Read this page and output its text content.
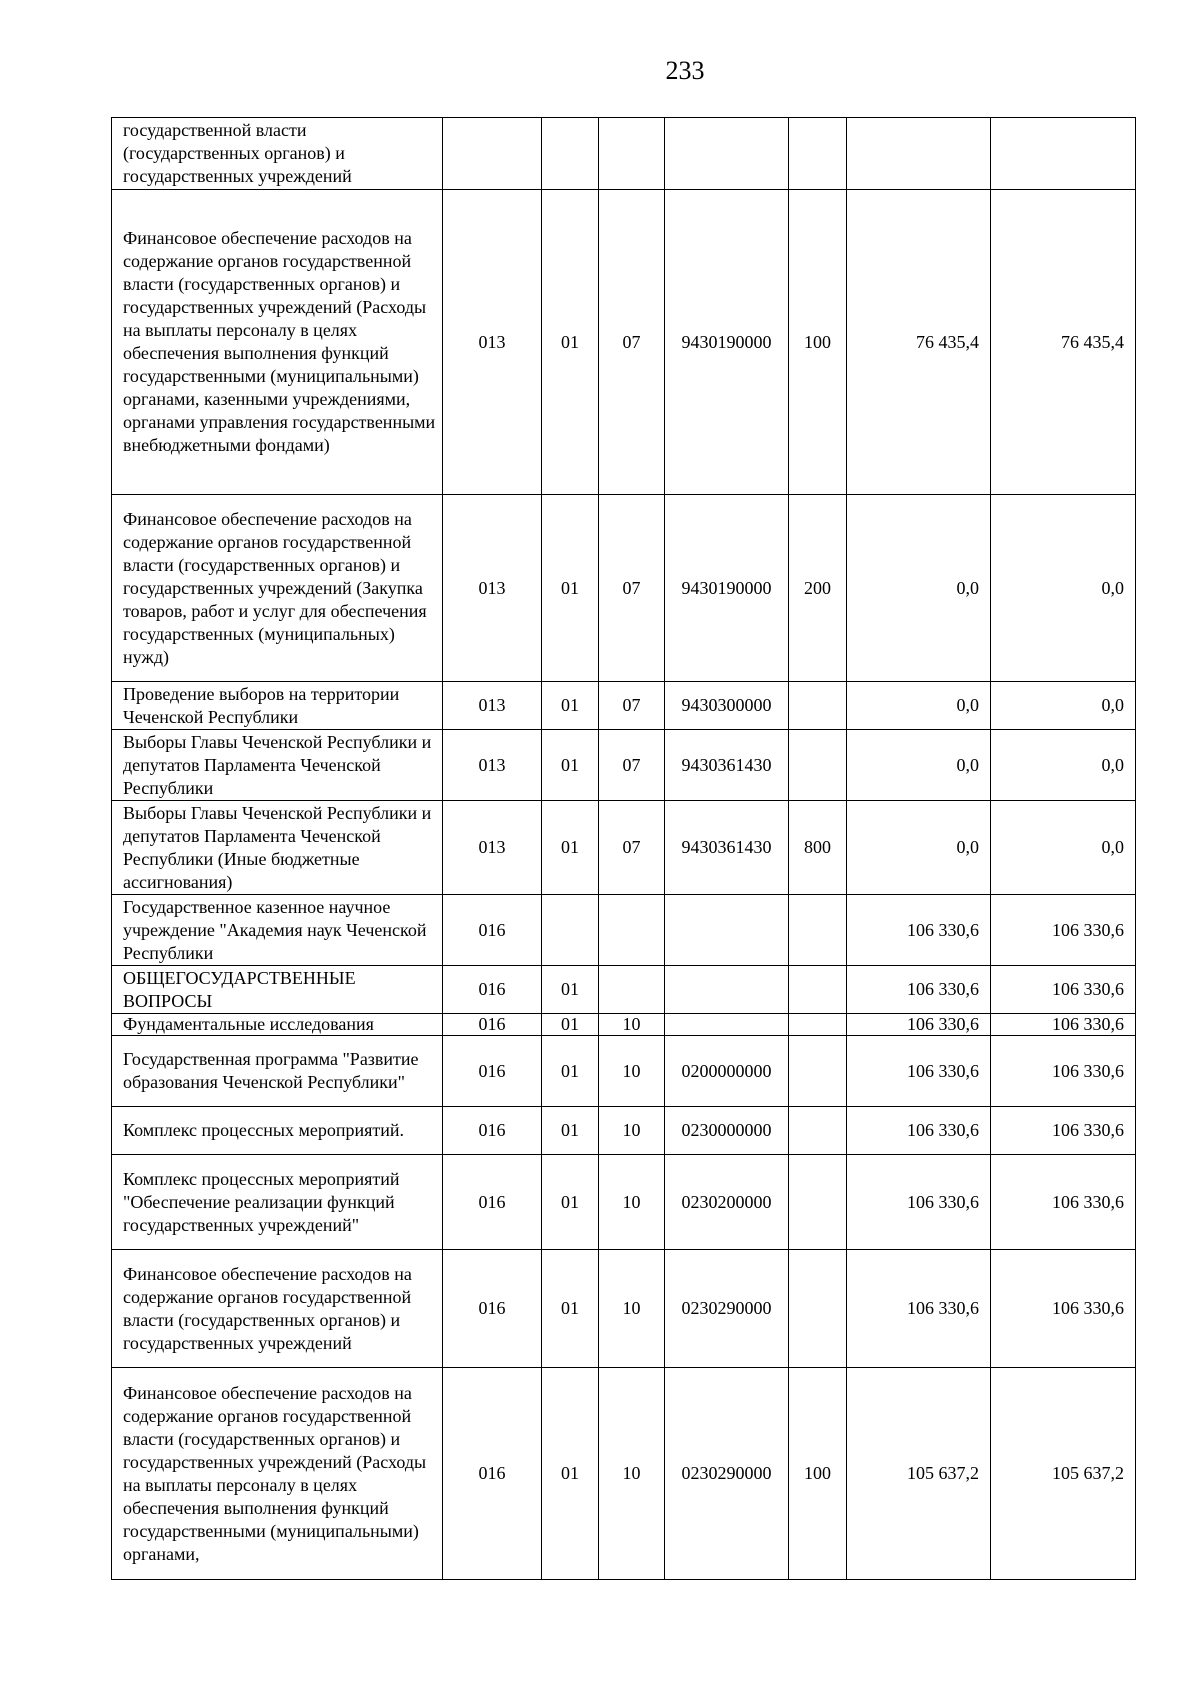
233
государственной власти (государственных органов) и государственных учреждений							
Финансовое обеспечение расходов на содержание органов государственной власти (государственных органов) и государственных учреждений (Расходы на выплаты персоналу в целях обеспечения выполнения функций государственными (муниципальными) органами, казенными учреждениями, органами управления государственными внебюджетными фондами)	013	01	07	9430190000	100	76 435,4	76 435,4
Финансовое обеспечение расходов на содержание органов государственной власти (государственных органов) и государственных учреждений (Закупка товаров, работ и услуг для обеспечения государственных (муниципальных) нужд)	013	01	07	9430190000	200	0,0	0,0
Проведение выборов на территории Чеченской Республики	013	01	07	9430300000		0,0	0,0
Выборы Главы Чеченской Республики и депутатов Парламента Чеченской Республики	013	01	07	9430361430		0,0	0,0
Выборы Главы Чеченской Республики и депутатов Парламента Чеченской Республики (Иные бюджетные ассигнования)	013	01	07	9430361430	800	0,0	0,0
Государственное казенное научное учреждение "Академия наук Чеченской Республики	016					106 330,6	106 330,6
ОБЩЕГОСУДАРСТВЕННЫЕ ВОПРОСЫ	016	01				106 330,6	106 330,6
Фундаментальные исследования	016	01	10			106 330,6	106 330,6
Государственная программа "Развитие образования Чеченской Республики"	016	01	10	0200000000		106 330,6	106 330,6
Комплекс процессных мероприятий.	016	01	10	0230000000		106 330,6	106 330,6
Комплекс процессных мероприятий "Обеспечение реализации функций государственных учреждений"	016	01	10	0230200000		106 330,6	106 330,6
Финансовое обеспечение расходов на содержание органов государственной власти (государственных органов) и государственных учреждений	016	01	10	0230290000		106 330,6	106 330,6
Финансовое обеспечение расходов на содержание органов государственной власти (государственных органов) и государственных учреждений (Расходы на выплаты персоналу в целях обеспечения выполнения функций государственными (муниципальными) органами,	016	01	10	0230290000	100	105 637,2	105 637,2
